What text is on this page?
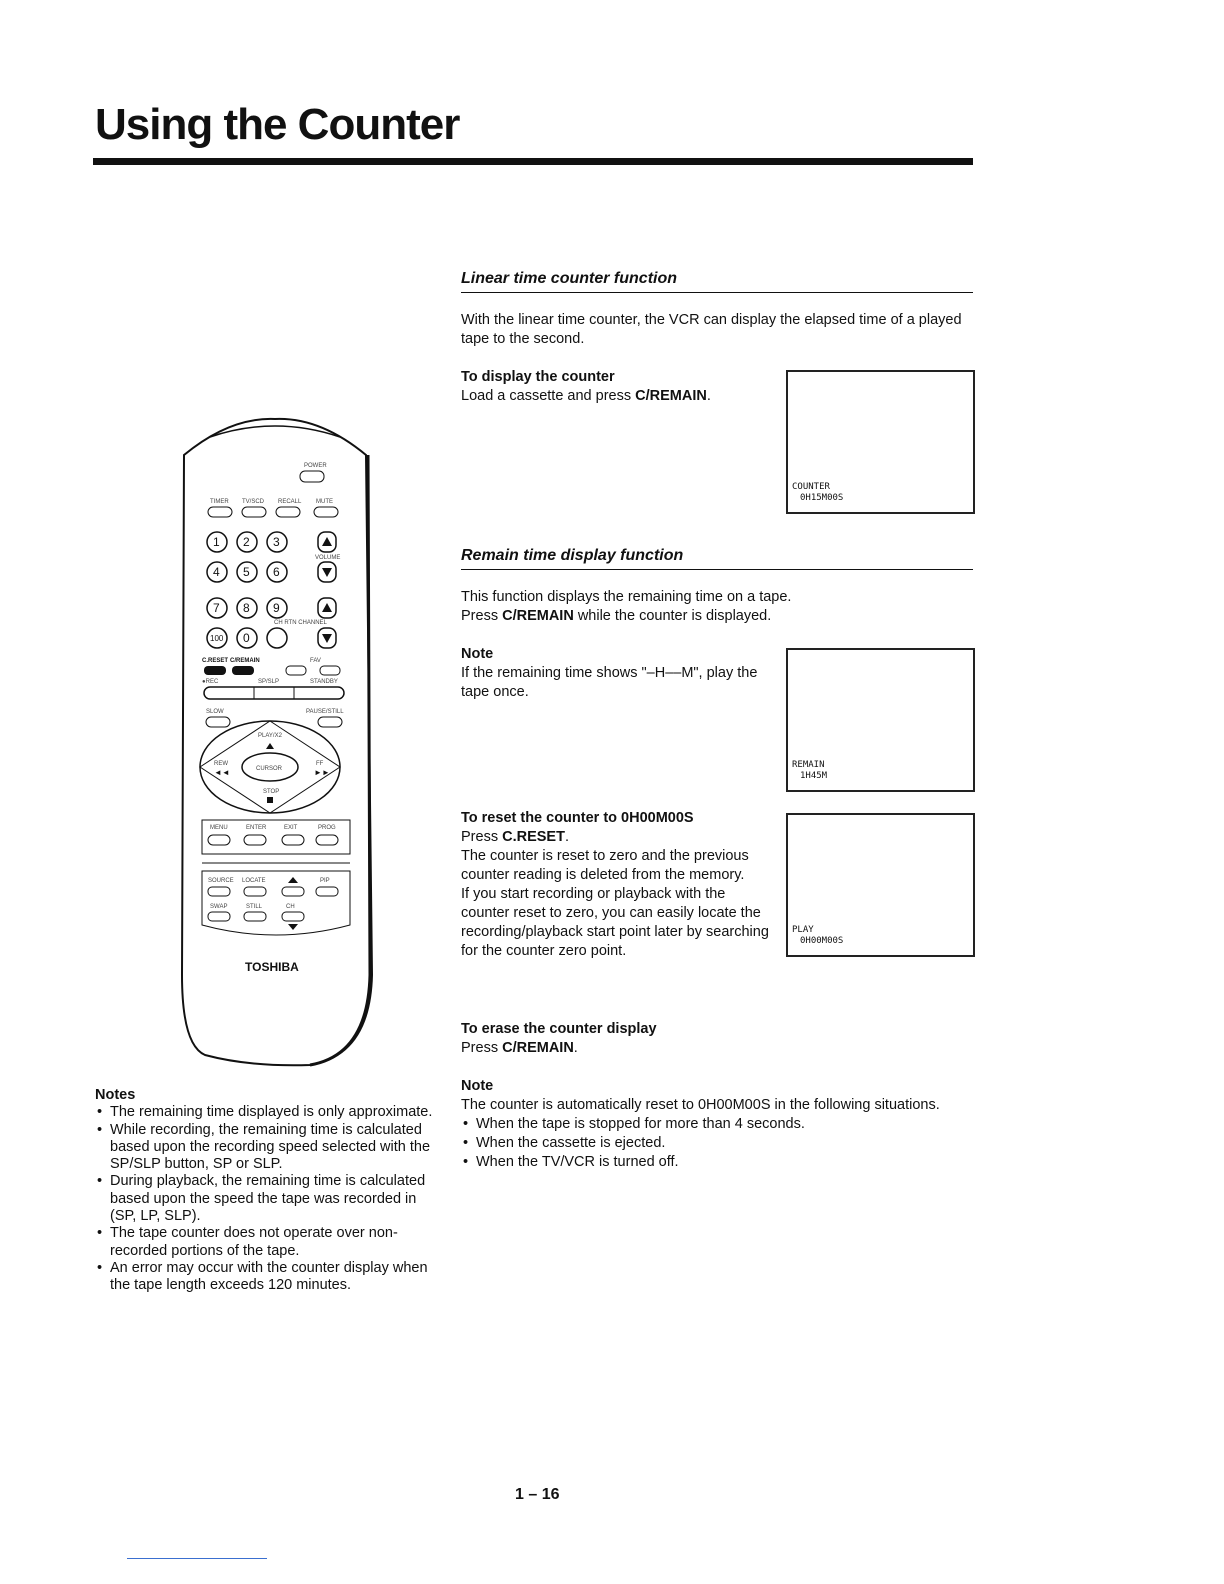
Using the Counter
Linear time counter function
With the linear time counter, the VCR can display the elapsed time of a played tape to the second.

To display the counter

Load a cassette and press C/REMAIN.

COUNTER
0H15M00S
Remain time display function

This function displays the remaining time on a tape.

Press C/REMAIN while the counter is displayed.

Note

If the remaining time shows "–H––M", play the tape once.

REMAIN
1H45M

To reset the counter to 0H00M00S

Press C.RESET.

The counter is reset to zero and the previous counter reading is deleted from the memory.

If you start recording or playback with the counter reset to zero, you can easily locate the recording/playback start point later by searching for the counter zero point.

PLAY
0H00M00S

To erase the counter display

Press C/REMAIN.

Note

The counter is automatically reset to 0H00M00S in the following situations.

• When the tape is stopped for more than 4 seconds.
• When the cassette is ejected.
• When the TV/VCR is turned off.

Notes

• The remaining time displayed is only approximate.
• While recording, the remaining time is calculated based upon the recording speed selected with the SP/SLP button, SP or SLP.
• During playback, the remaining time is calculated based upon the speed the tape was recorded in (SP, LP, SLP).
• The tape counter does not operate over non-recorded portions of the tape.
• An error may occur with the counter display when the tape length exceeds 120 minutes.
POWER
TIMER TV/SCD RECALL MUTE
1 2 3
VOLUME
4 5 6
7 8 9
CH RTN CHANNEL
100 0
C.RESET C/REMAIN	FAV
●REC	SP/SLP	STANDBY
SLOW	PAUSE/STILL
PLAY/X2
REW
◄◄
FF
►►
CURSOR
STOP
MENU	ENTER	EXIT	PROG
SOURCE LOCATE	PIP
SWAP	STILL	CH
TOSHIBA
1 – 16
